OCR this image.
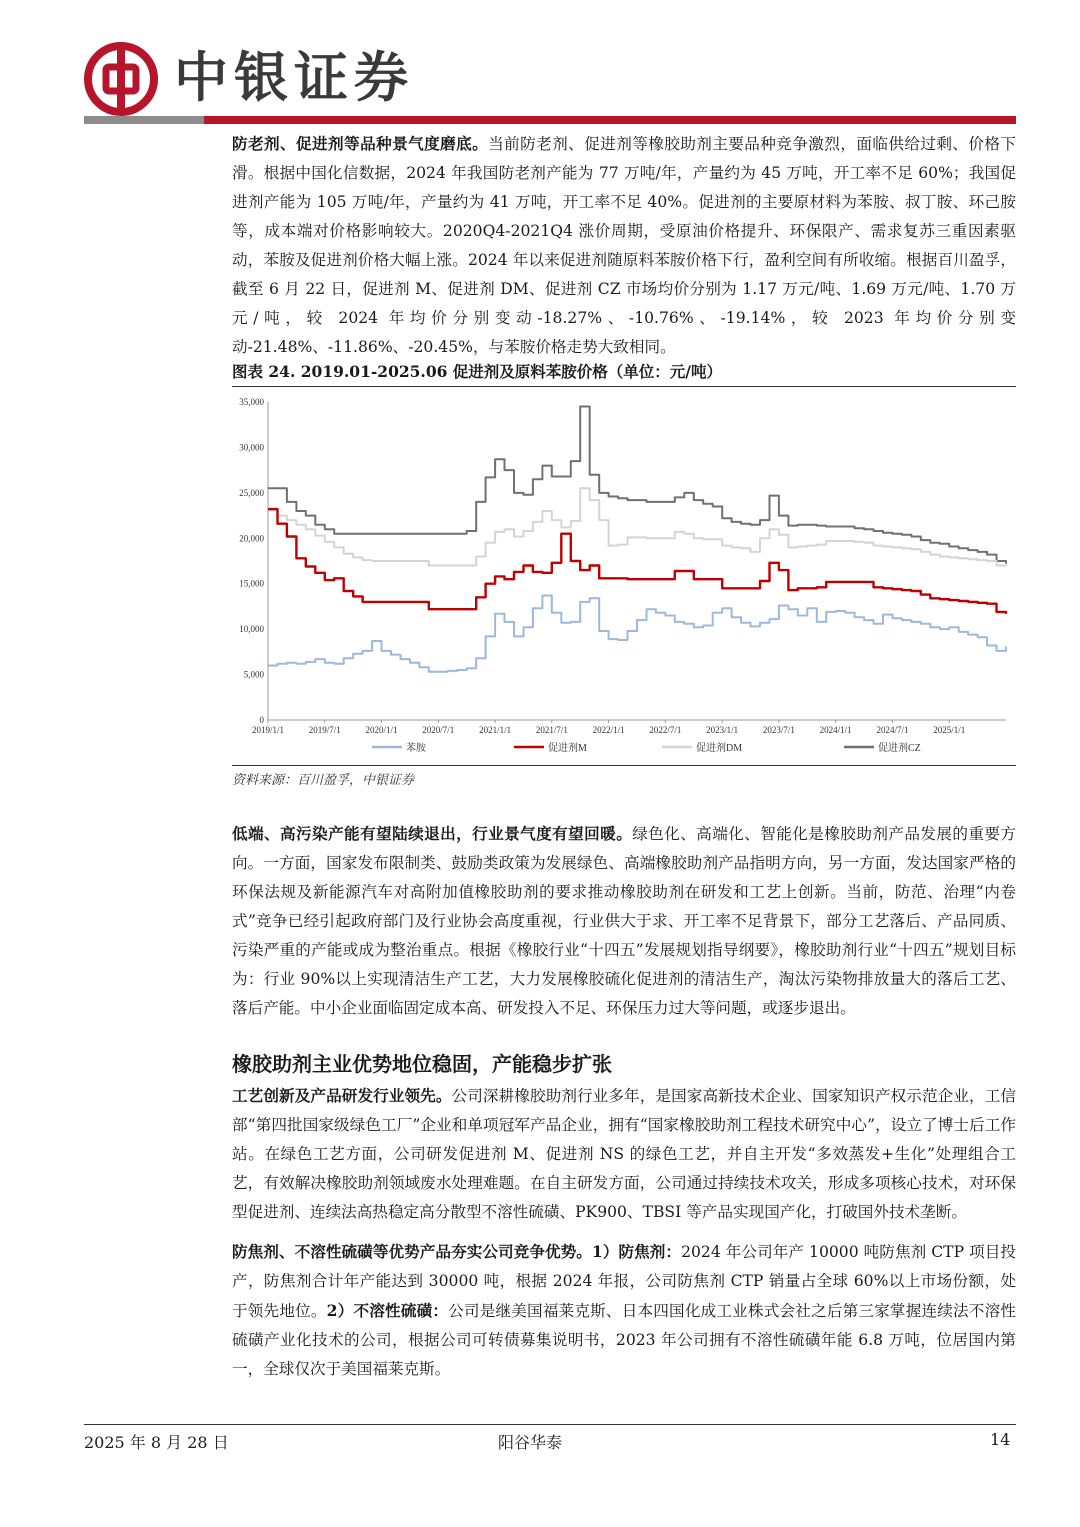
中银证券

防老剂、促进剂等品种景气度磨底。当前防老剂、促进剂等橡胶助剂主要品种竞争激烈，面临供给过剩、价格下滑。根据中国化信数据，2024 年我国防老剂产能为 77 万吨/年，产量约为 45 万吨，开工率不足 60%；我国促进剂产能为 105 万吨/年，产量约为 41 万吨，开工率不足 40%。促进剂的主要原材料为苯胺、叔丁胺、环己胺等，成本端对价格影响较大。2020Q4-2021Q4 涨价周期，受原油价格提升、环保限产、需求复苏三重因素驱动，苯胺及促进剂价格大幅上涨。2024 年以来促进剂随原料苯胺价格下行，盈利空间有所收缩。根据百川盈孚，截至 6 月 22 日，促进剂 M、促进剂 DM、促进剂 CZ 市场均价分别为 1.17 万元/吨、1.69 万元/吨、1.70 万元/吨，较 2024 年均价分别变动-18.27%、-10.76%、-19.14%，较 2023 年均价分别变动-21.48%、-11.86%、-20.45%，与苯胺价格走势大致相同。

图表 24. 2019.01-2025.06 促进剂及原料苯胺价格（单位：元/吨）

0
5,000
10,000
15,000
20,000
25,000
30,000
35,000
2019/1/1	2019/7/1	2020/1/1	2020/7/1	2021/1/1	2021/7/1	2022/1/1	2022/7/1	2023/1/1	2023/7/1	2024/1/1	2024/7/1	2025/1/1
苯胺	促进剂M	促进剂DM	促进剂CZ

资料来源：百川盈孚，中银证券

低端、高污染产能有望陆续退出，行业景气度有望回暖。绿色化、高端化、智能化是橡胶助剂产品发展的重要方向。一方面，国家发布限制类、鼓励类政策为发展绿色、高端橡胶助剂产品指明方向，另一方面，发达国家严格的环保法规及新能源汽车对高附加值橡胶助剂的要求推动橡胶助剂在研发和工艺上创新。当前，防范、治理“内卷式”竞争已经引起政府部门及行业协会高度重视，行业供大于求、开工率不足背景下，部分工艺落后、产品同质、污染严重的产能或成为整治重点。根据《橡胶行业“十四五”发展规划指导纲要》，橡胶助剂行业“十四五”规划目标为：行业 90%以上实现清洁生产工艺，大力发展橡胶硫化促进剂的清洁生产，淘汰污染物排放量大的落后工艺、落后产能。中小企业面临固定成本高、研发投入不足、环保压力过大等问题，或逐步退出。

橡胶助剂主业优势地位稳固，产能稳步扩张

工艺创新及产品研发行业领先。公司深耕橡胶助剂行业多年，是国家高新技术企业、国家知识产权示范企业，工信部“第四批国家级绿色工厂”企业和单项冠军产品企业，拥有“国家橡胶助剂工程技术研究中心”，设立了博士后工作站。在绿色工艺方面，公司研发促进剂 M、促进剂 NS 的绿色工艺，并自主开发“多效蒸发+生化”处理组合工艺，有效解决橡胶助剂领域废水处理难题。在自主研发方面，公司通过持续技术攻关，形成多项核心技术，对环保型促进剂、连续法高热稳定高分散型不溶性硫磺、PK900、TBSI 等产品实现国产化，打破国外技术垄断。

防焦剂、不溶性硫磺等优势产品夯实公司竞争优势。1）防焦剂：2024 年公司年产 10000 吨防焦剂 CTP 项目投产，防焦剂合计年产能达到 30000 吨，根据 2024 年报，公司防焦剂 CTP 销量占全球 60%以上市场份额，处于领先地位。2）不溶性硫磺：公司是继美国福莱克斯、日本四国化成工业株式会社之后第三家掌握连续法不溶性硫磺产业化技术的公司，根据公司可转债募集说明书，2023 年公司拥有不溶性硫磺年能 6.8 万吨，位居国内第一，全球仅次于美国福莱克斯。

2025 年 8 月 28 日	阳谷华泰	14
